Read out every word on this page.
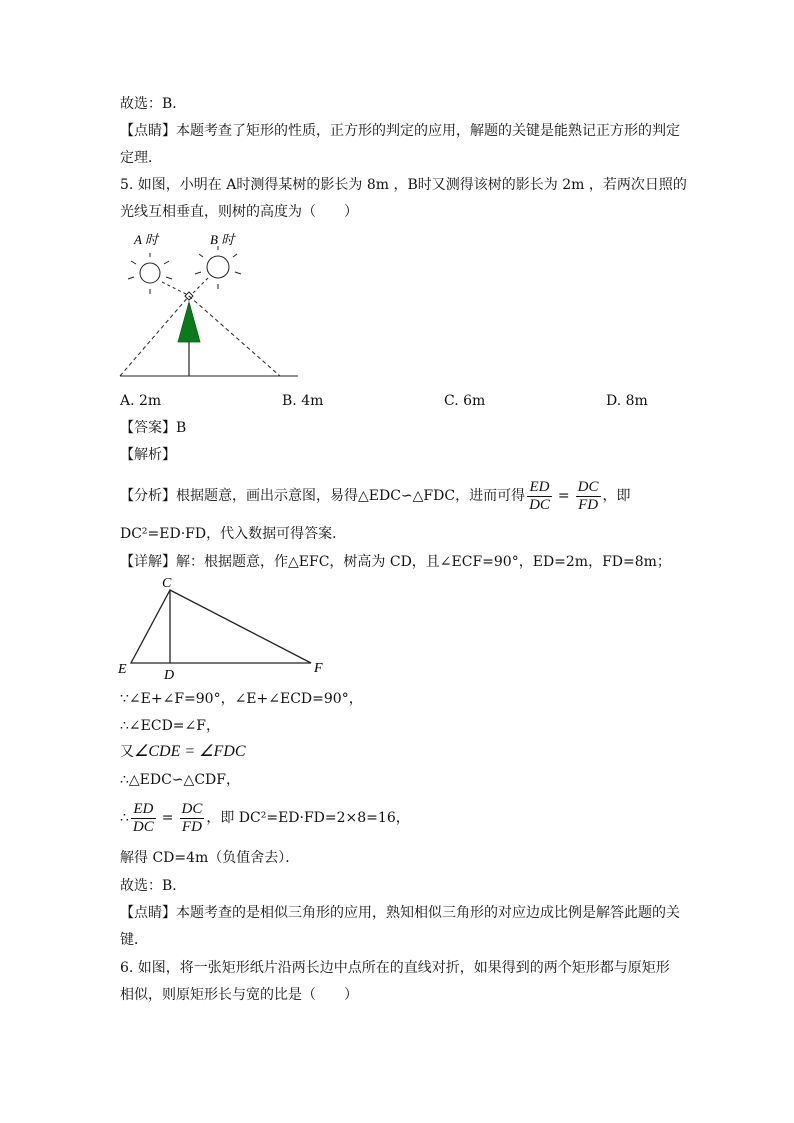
故选：B．
【点睛】本题考查了矩形的性质，正方形的判定的应用，解题的关键是能熟记正方形的判定
定理．
5. 如图，小明在 A时测得某树的影长为 8m ，B时又测得该树的影长为 2m ，若两次日照的
光线互相垂直，则树的高度为（　　）
A 时	B 时
A. 2m	B. 4m	C. 6m	D. 8m
【答案】B
【解析】
【分析】根据题意，画出示意图，易得△EDC∽△FDC，进而可得 $\frac{ED}{DC} = \frac{DC}{FD}$ ，即
DC²=ED·FD，代入数据可得答案．
【详解】解：根据题意，作△EFC，树高为 CD，且∠ECF=90°，ED=2m，FD=8m；
C
E	D	F
∵∠E+∠F=90°，∠E+∠ECD=90°，
∴∠ECD=∠F，
又∠CDE = ∠FDC
∴△EDC∽△CDF，
∴ $\frac{ED}{DC} = \frac{DC}{FD}$ ，即 DC²=ED·FD=2×8=16，
解得 CD=4m（负值舍去）．
故选：B．
【点睛】本题考查的是相似三角形的应用，熟知相似三角形的对应边成比例是解答此题的关
键．
6. 如图，将一张矩形纸片沿两长边中点所在的直线对折，如果得到的两个矩形都与原矩形
相似，则原矩形长与宽的比是（　　）
